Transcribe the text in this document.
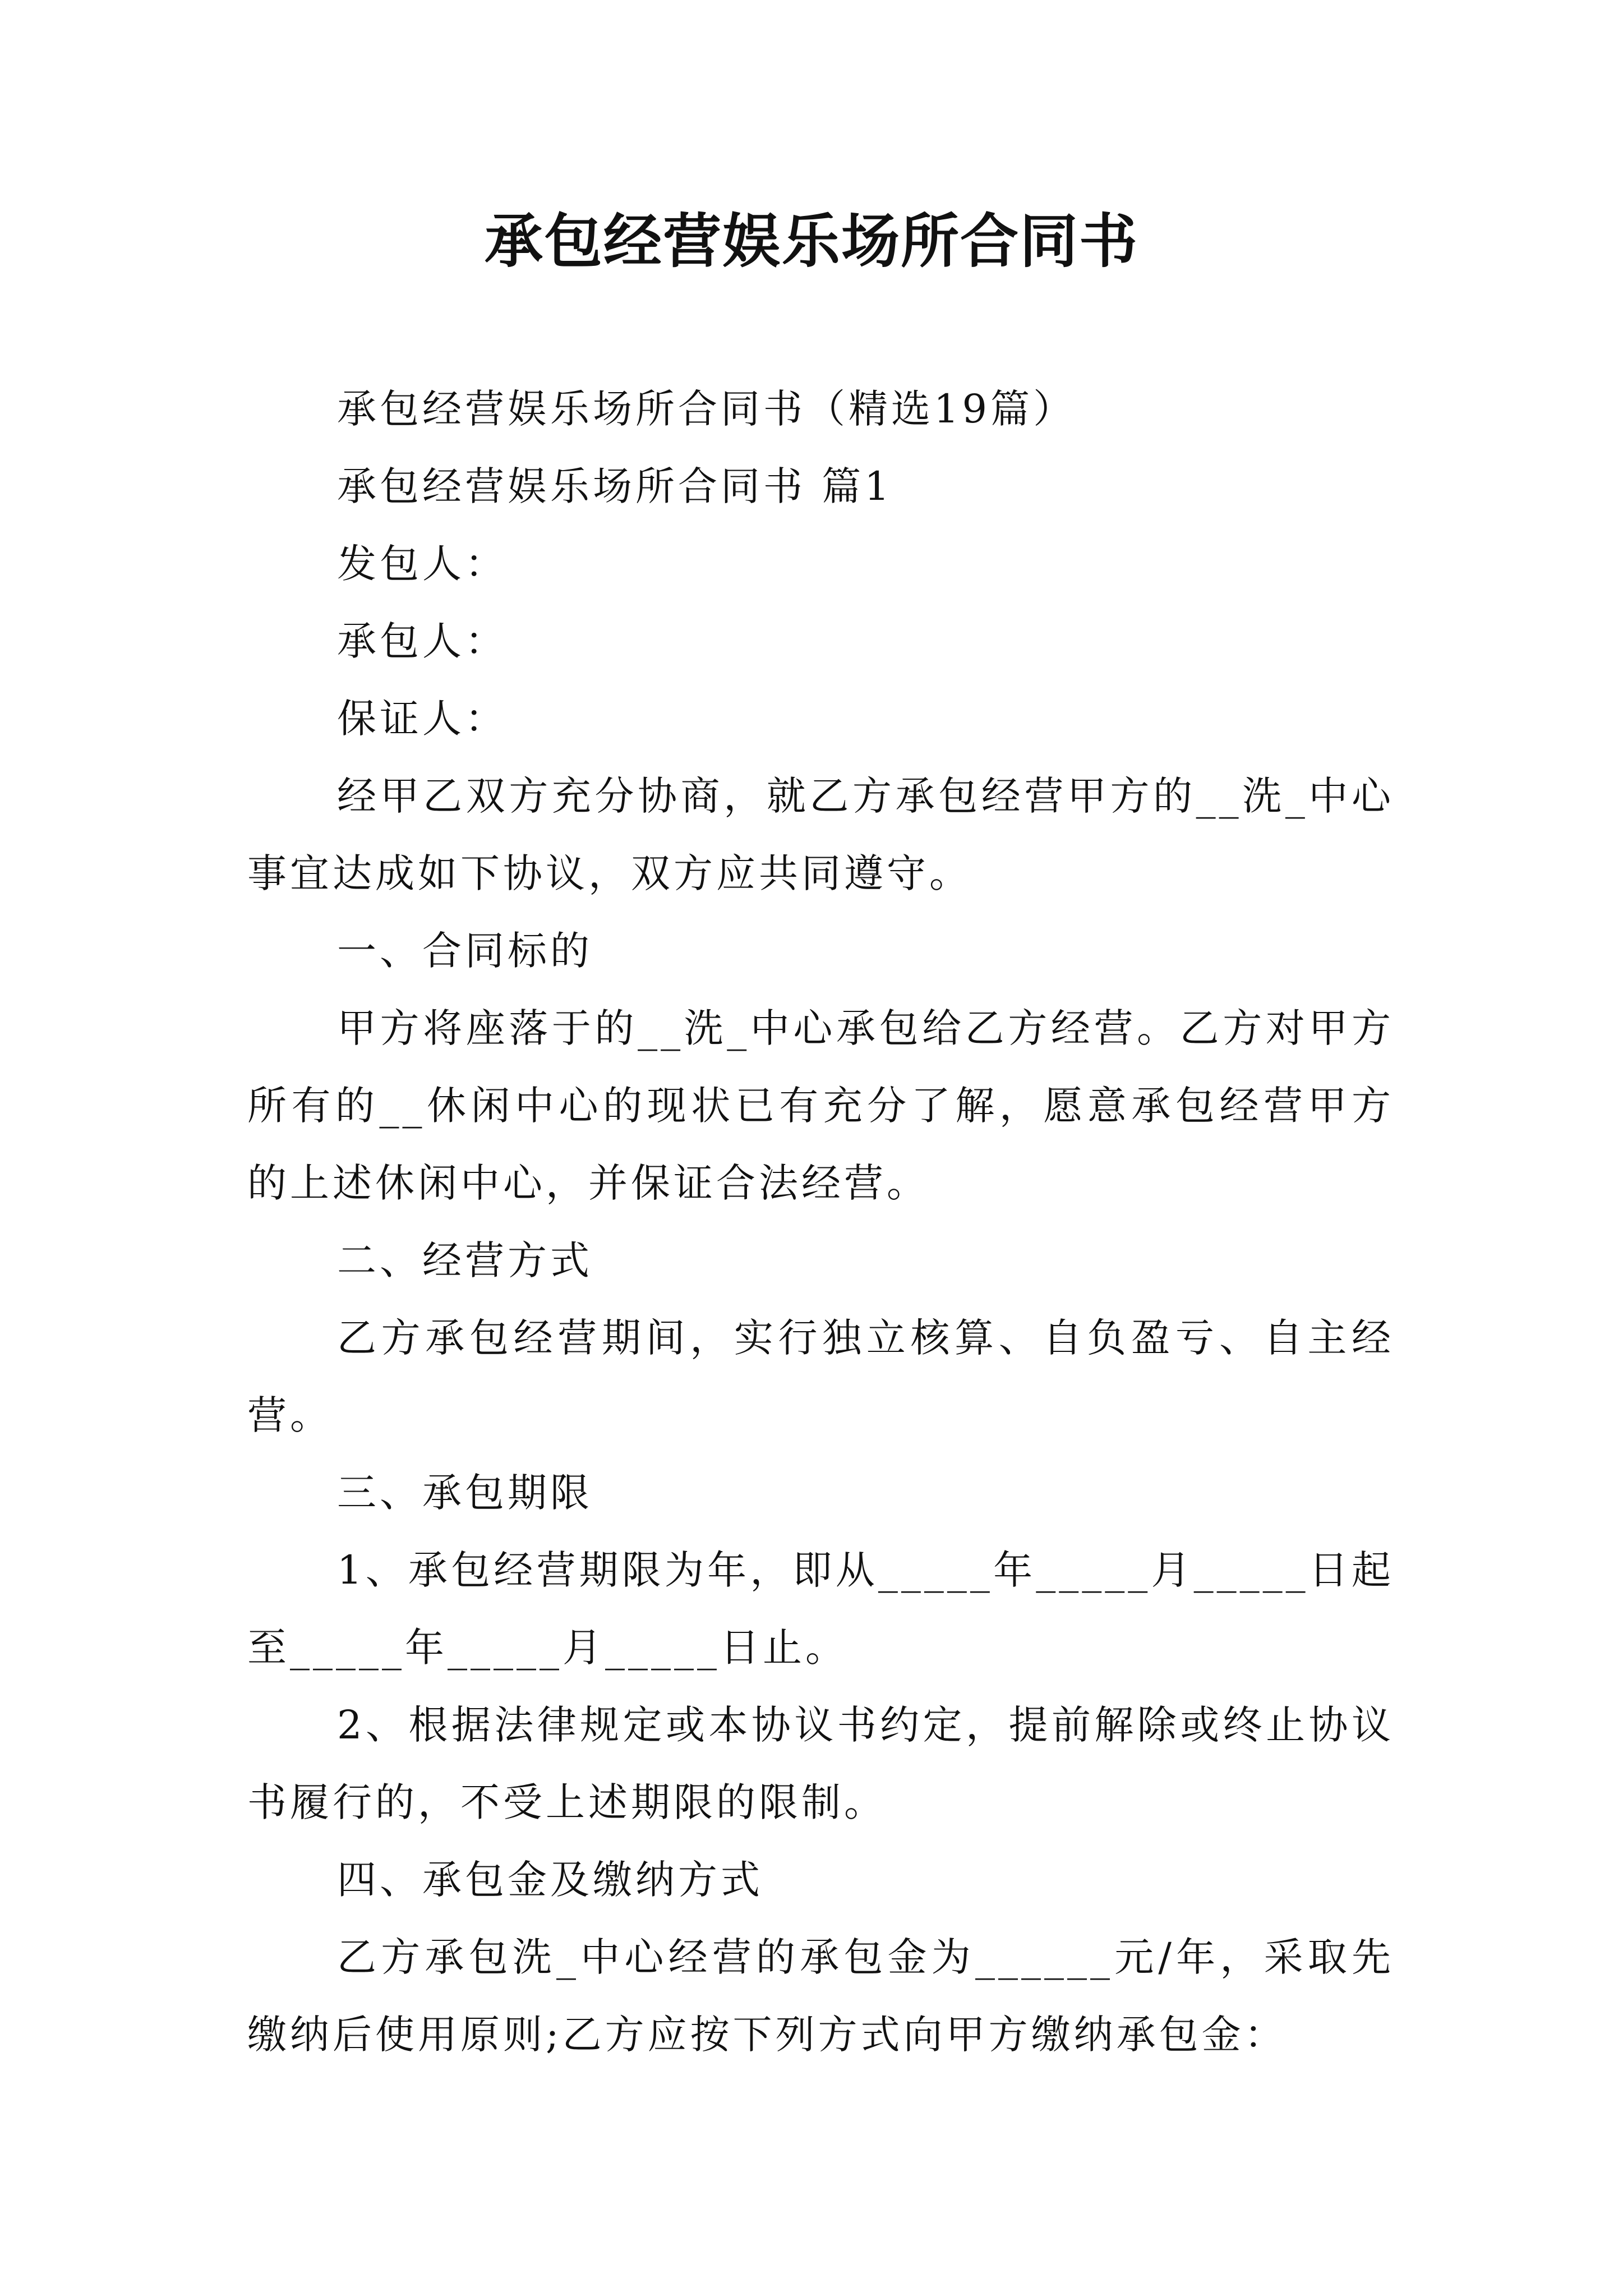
承包经营娱乐场所合同书

承包经营娱乐场所合同书（精选19篇）

承包经营娱乐场所合同书 篇1

发包人：

承包人：

保证人：

经甲乙双方充分协商，就乙方承包经营甲方的__洗_中心事宜达成如下协议，双方应共同遵守。

一、合同标的

甲方将座落于的__洗_中心承包给乙方经营。乙方对甲方所有的__休闲中心的现状已有充分了解，愿意承包经营甲方的上述休闲中心，并保证合法经营。

二、经营方式

乙方承包经营期间，实行独立核算、自负盈亏、自主经营。

三、承包期限

1、承包经营期限为年，即从_____年_____月_____日起至_____年_____月_____日止。

2、根据法律规定或本协议书约定，提前解除或终止协议书履行的，不受上述期限的限制。

四、承包金及缴纳方式

乙方承包洗_中心经营的承包金为______元/年，采取先缴纳后使用原则;乙方应按下列方式向甲方缴纳承包金：
